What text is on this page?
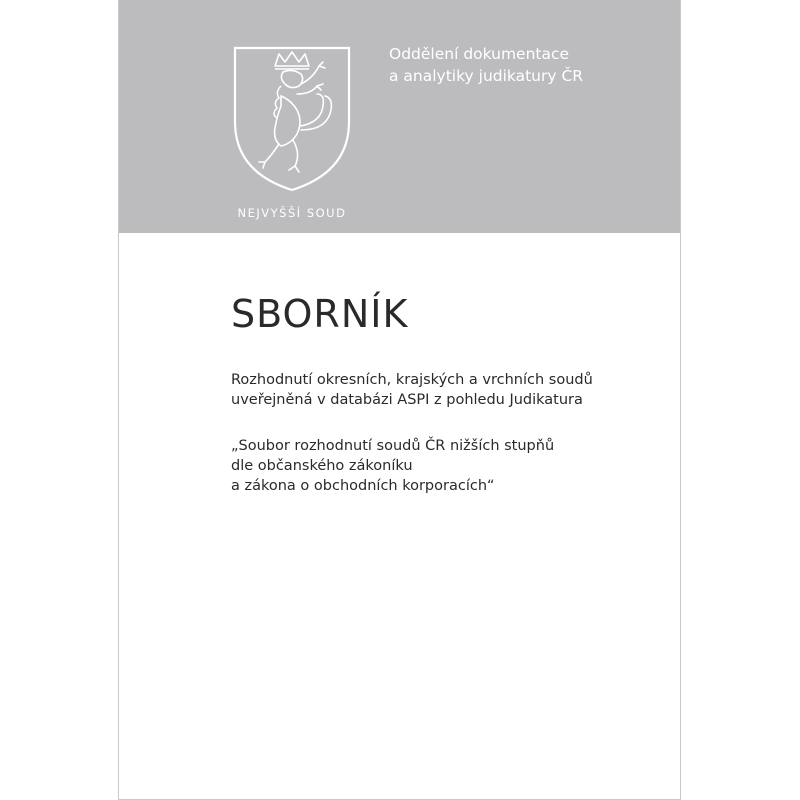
NEJVYŠŠÍ SOUD
Oddělení dokumentace
a analytiky judikatury ČR
SBORNÍK
Rozhodnutí okresních, krajských a vrchních soudů
uveřejněná v databázi ASPI z pohledu Judikatura
„Soubor rozhodnutí soudů ČR nižších stupňů
dle občanského zákoníku
a zákona o obchodních korporacích“
